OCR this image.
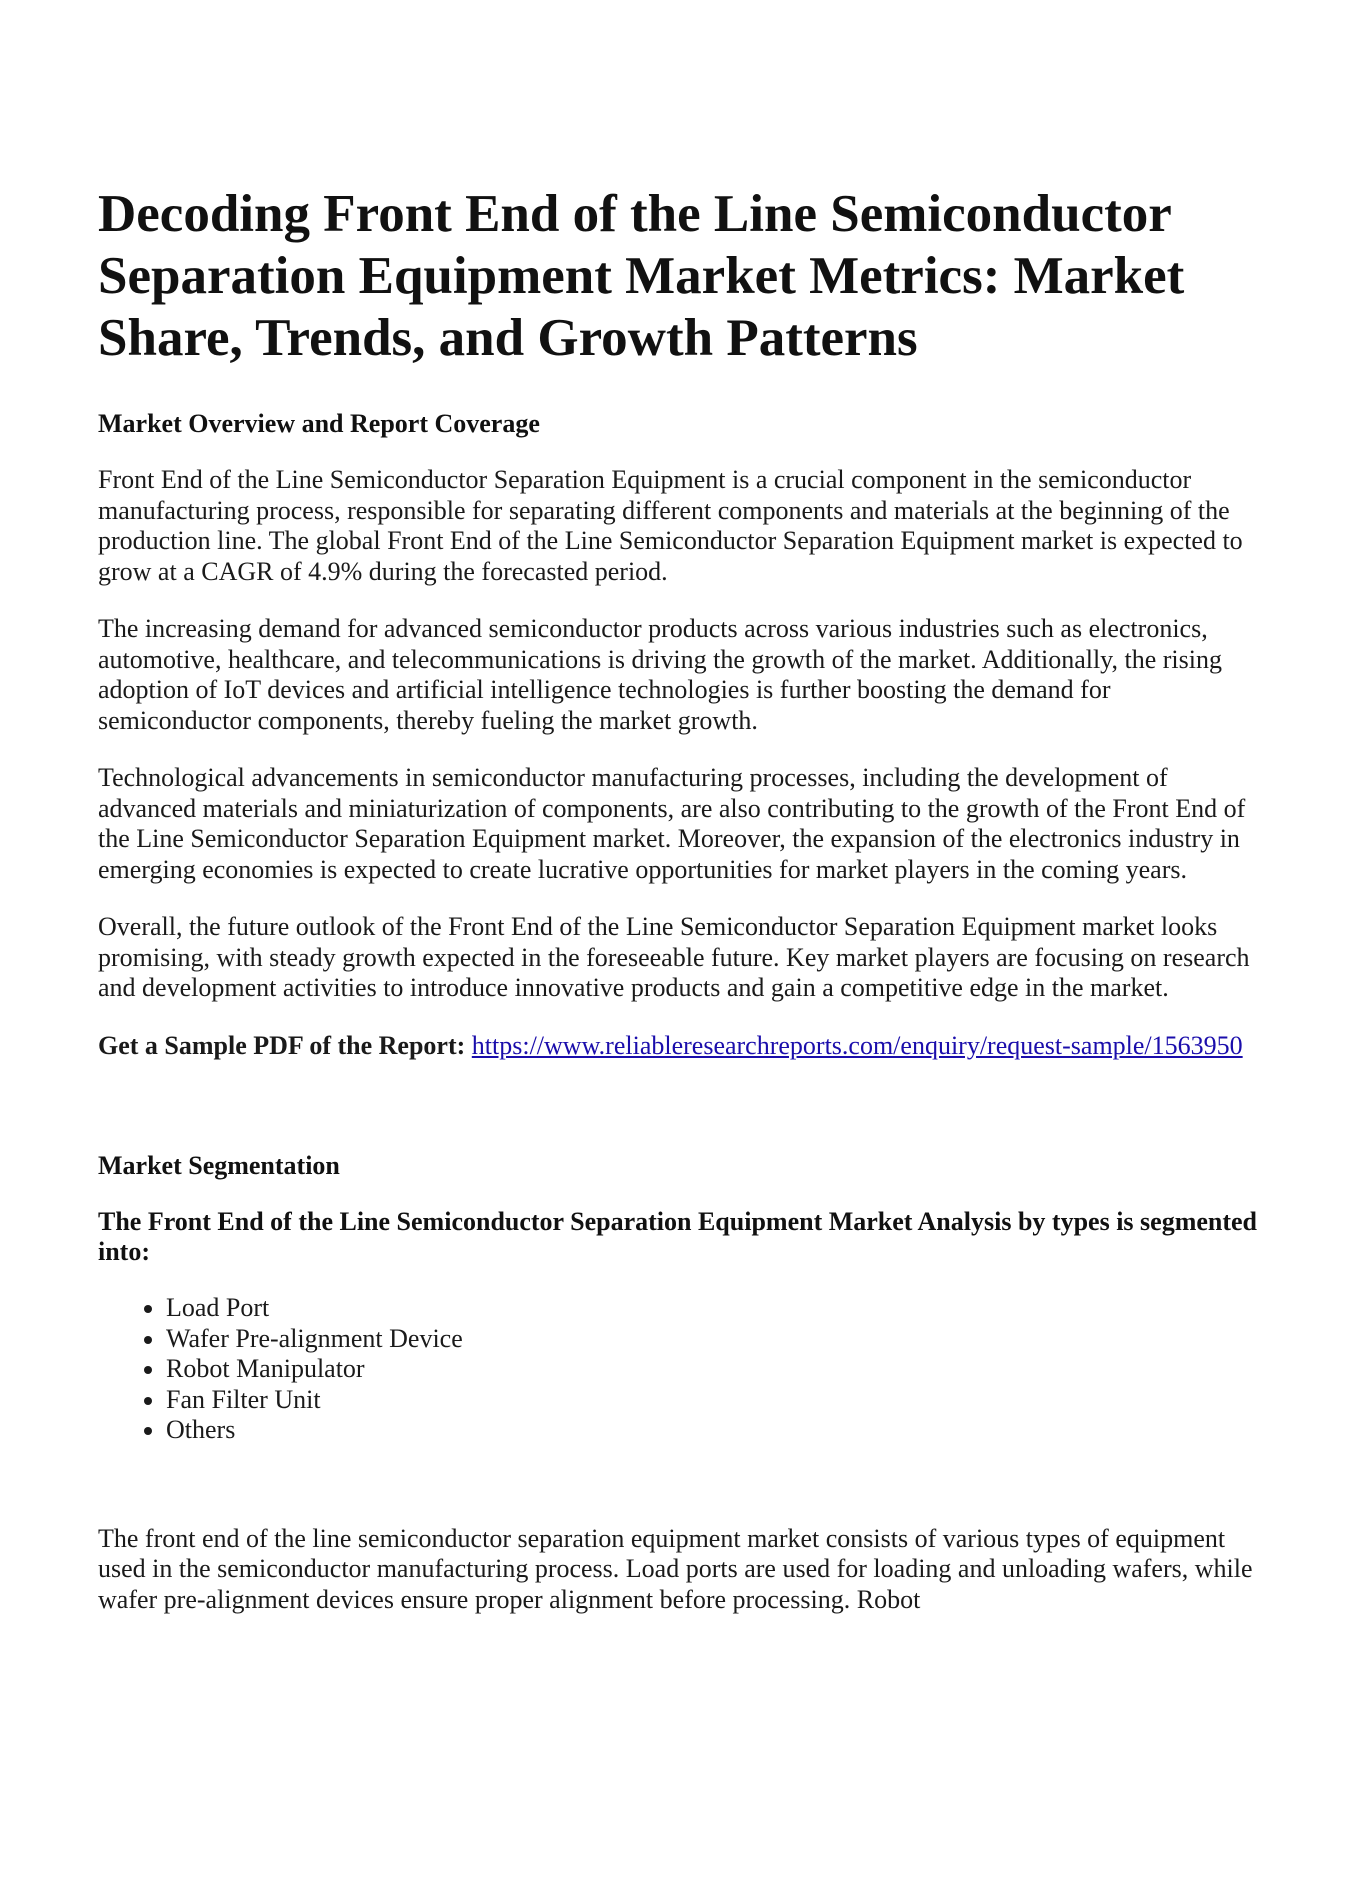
Decoding Front End of the Line Semiconductor Separation Equipment Market Metrics: Market Share, Trends, and Growth Patterns
Market Overview and Report Coverage

Front End of the Line Semiconductor Separation Equipment is a crucial component in the semiconductor manufacturing process, responsible for separating different components and materials at the beginning of the production line. The global Front End of the Line Semiconductor Separation Equipment market is expected to grow at a CAGR of 4.9% during the forecasted period.

The increasing demand for advanced semiconductor products across various industries such as electronics, automotive, healthcare, and telecommunications is driving the growth of the market. Additionally, the rising adoption of IoT devices and artificial intelligence technologies is further boosting the demand for semiconductor components, thereby fueling the market growth.

Technological advancements in semiconductor manufacturing processes, including the development of advanced materials and miniaturization of components, are also contributing to the growth of the Front End of the Line Semiconductor Separation Equipment market. Moreover, the expansion of the electronics industry in emerging economies is expected to create lucrative opportunities for market players in the coming years.

Overall, the future outlook of the Front End of the Line Semiconductor Separation Equipment market looks promising, with steady growth expected in the foreseeable future. Key market players are focusing on research and development activities to introduce innovative products and gain a competitive edge in the market.

Get a Sample PDF of the Report: https://www.reliableresearchreports.com/enquiry/request-sample/1563950

Market Segmentation
The Front End of the Line Semiconductor Separation Equipment Market Analysis by types is segmented into:
• Load Port
• Wafer Pre-alignment Device
• Robot Manipulator
• Fan Filter Unit
• Others

The front end of the line semiconductor separation equipment market consists of various types of equipment used in the semiconductor manufacturing process. Load ports are used for loading and unloading wafers, while wafer pre-alignment devices ensure proper alignment before processing. Robot
